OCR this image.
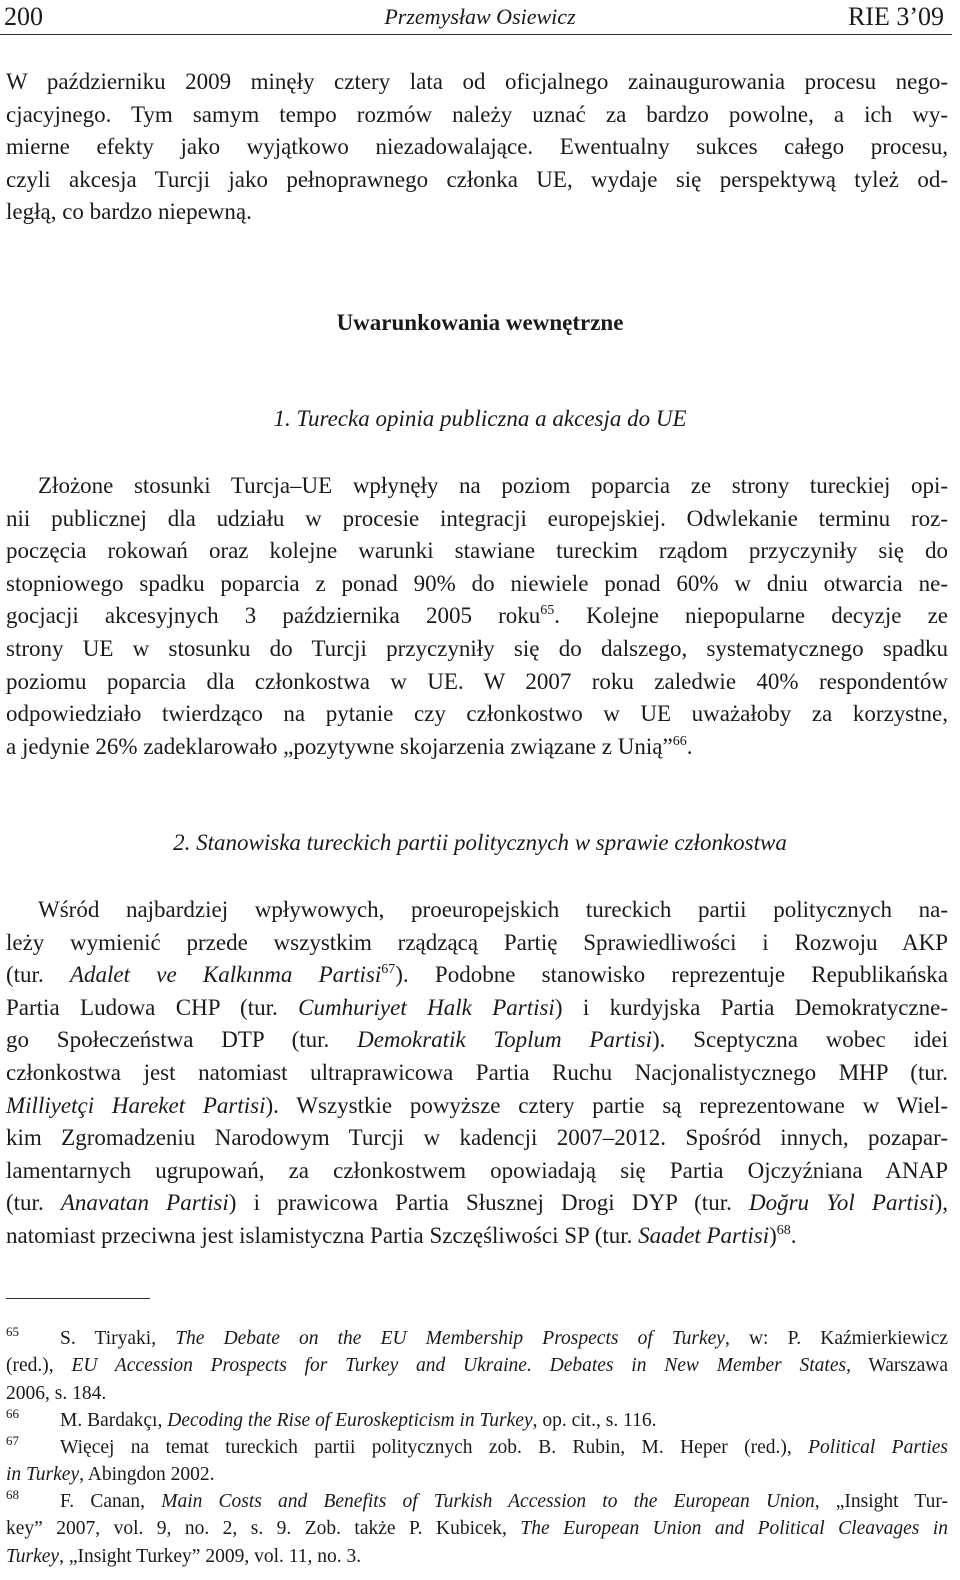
200	Przemysław Osiewicz	RIE 3’09
W październiku 2009 minęły cztery lata od oficjalnego zainaugurowania procesu nego-
cjacyjnego. Tym samym tempo rozmów należy uznać za bardzo powolne, a ich wy-
mierne efekty jako wyjątkowo niezadowalające. Ewentualny sukces całego procesu,
czyli akcesja Turcji jako pełnoprawnego członka UE, wydaje się perspektywą tyleż od-
ległą, co bardzo niepewną.
Uwarunkowania wewnętrzne
1. Turecka opinia publiczna a akcesja do UE
Złożone stosunki Turcja–UE wpłynęły na poziom poparcia ze strony tureckiej opi-
nii publicznej dla udziału w procesie integracji europejskiej. Odwlekanie terminu roz-
poczęcia rokowań oraz kolejne warunki stawiane tureckim rządom przyczyniły się do
stopniowego spadku poparcia z ponad 90% do niewiele ponad 60% w dniu otwarcia ne-
gocjacji akcesyjnych 3 października 2005 roku$^{65}$. Kolejne niepopularne decyzje ze
strony UE w stosunku do Turcji przyczyniły się do dalszego, systematycznego spadku
poziomu poparcia dla członkostwa w UE. W 2007 roku zaledwie 40% respondentów
odpowiedziało twierdząco na pytanie czy członkostwo w UE uważałoby za korzystne,
a jedynie 26% zadeklarowało „pozytywne skojarzenia związane z Unią”$^{66}$.
2. Stanowiska tureckich partii politycznych w sprawie członkostwa
Wśród najbardziej wpływowych, proeuropejskich tureckich partii politycznych na-
leży wymienić przede wszystkim rządzącą Partię Sprawiedliwości i Rozwoju AKP
(tur. Adalet ve Kalkınma Partisi$^{67}$). Podobne stanowisko reprezentuje Republikańska
Partia Ludowa CHP (tur. Cumhuriyet Halk Partisi) i kurdyjska Partia Demokratyczne-
go Społeczeństwa DTP (tur. Demokratik Toplum Partisi). Sceptyczna wobec idei
członkostwa jest natomiast ultraprawicowa Partia Ruchu Nacjonalistycznego MHP (tur.
Milliyetçi Hareket Partisi). Wszystkie powyższe cztery partie są reprezentowane w Wiel-
kim Zgromadzeniu Narodowym Turcji w kadencji 2007–2012. Spośród innych, pozapar-
lamentarnych ugrupowań, za członkostwem opowiadają się Partia Ojczyźniana ANAP
(tur. Anavatan Partisi) i prawicowa Partia Słusznej Drogi DYP (tur. Doğru Yol Partisi),
natomiast przeciwna jest islamistyczna Partia Szczęśliwości SP (tur. Saadet Partisi)$^{68}$.
$^{65}$ S. Tiryaki, The Debate on the EU Membership Prospects of Turkey, w: P. Kaźmierkiewicz
(red.), EU Accession Prospects for Turkey and Ukraine. Debates in New Member States, Warszawa
2006, s. 184.
$^{66}$ M. Bardakçı, Decoding the Rise of Euroskepticism in Turkey, op. cit., s. 116.
$^{67}$ Więcej na temat tureckich partii politycznych zob. B. Rubin, M. Heper (red.), Political Parties
in Turkey, Abingdon 2002.
$^{68}$ F. Canan, Main Costs and Benefits of Turkish Accession to the European Union, „Insight Tur-
key” 2007, vol. 9, no. 2, s. 9. Zob. także P. Kubicek, The European Union and Political Cleavages in
Turkey, „Insight Turkey” 2009, vol. 11, no. 3.
